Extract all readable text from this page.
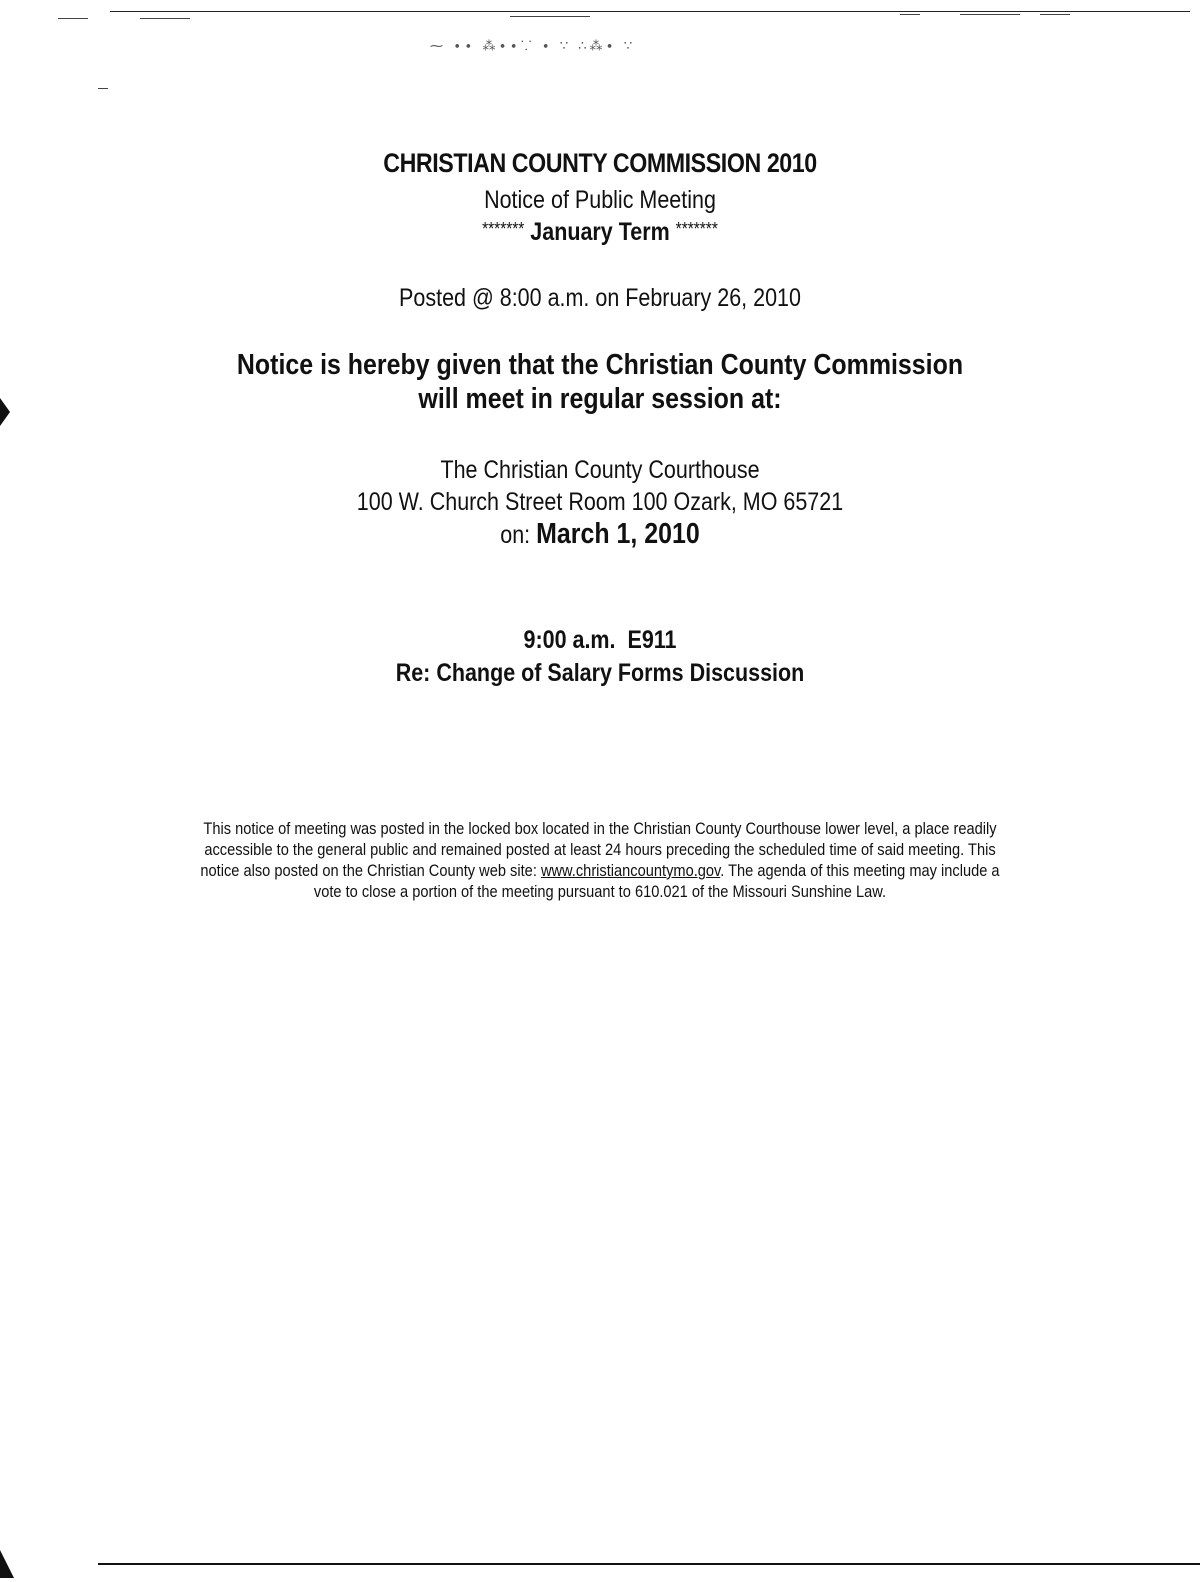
⁓ ∙∙ ⁂∙∙⸪ ∙ ∵ ∴⁂∙ ∵
CHRISTIAN COUNTY COMMISSION 2010
Notice of Public Meeting
******* January Term *******
Posted @ 8:00 a.m. on February 26, 2010
Notice is hereby given that the Christian County Commission
will meet in regular session at:
The Christian County Courthouse
100 W. Church Street Room 100 Ozark, MO 65721
on: March 1, 2010
9:00 a.m.  E911
Re: Change of Salary Forms Discussion
This notice of meeting was posted in the locked box located in the Christian County Courthouse lower level, a place readily accessible to the general public and remained posted at least 24 hours preceding the scheduled time of said meeting. This notice also posted on the Christian County web site: www.christiancountymo.gov. The agenda of this meeting may include a vote to close a portion of the meeting pursuant to 610.021 of the Missouri Sunshine Law.
